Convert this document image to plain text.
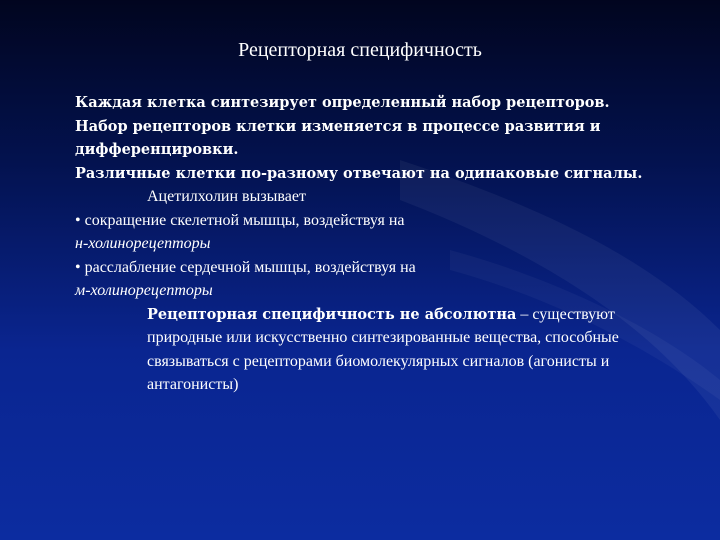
Рецепторная специфичность

Каждая клетка синтезирует определенный набор рецепторов.

Набор рецепторов клетки изменяется в процессе развития и дифференцировки.

Различные клетки по-разному отвечают на одинаковые сигналы.

Ацетилхолин вызывает

• сокращение скелетной мышцы, воздействуя на

н-холинорецепторы

• расслабление сердечной мышцы, воздействуя на

м-холинорецепторы

Рецепторная специфичность не абсолютна – существуют природные или искусственно синтезированные вещества, способные связываться с рецепторами биомолекулярных сигналов (агонисты и антагонисты)
